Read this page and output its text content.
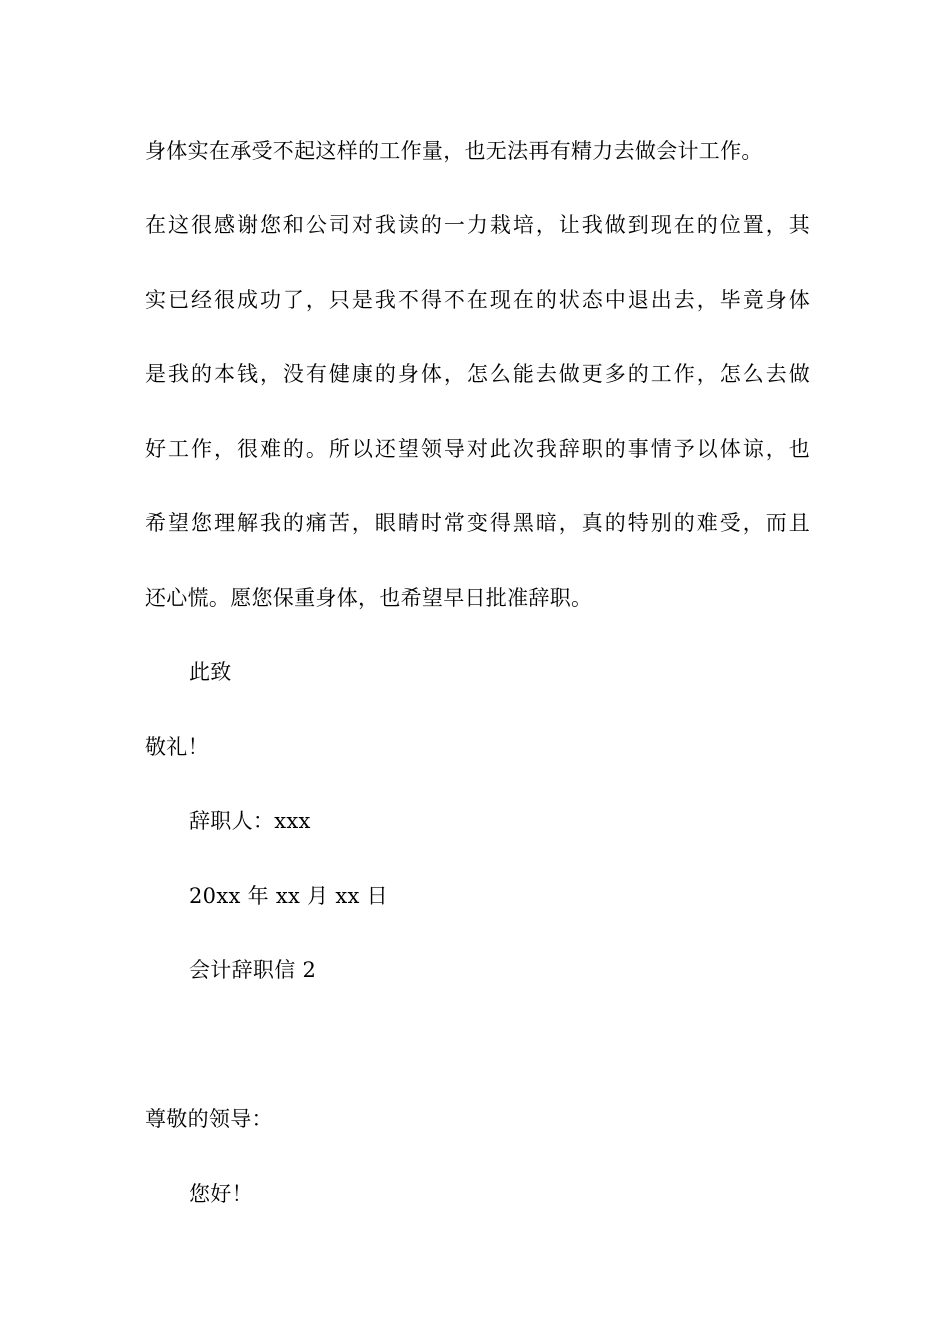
身体实在承受不起这样的工作量，也无法再有精力去做会计工作。
在这很感谢您和公司对我读的一力栽培，让我做到现在的位置，其
实已经很成功了，只是我不得不在现在的状态中退出去，毕竟身体
是我的本钱，没有健康的身体，怎么能去做更多的工作，怎么去做
好工作，很难的。所以还望领导对此次我辞职的事情予以体谅，也
希望您理解我的痛苦，眼睛时常变得黑暗，真的特别的难受，而且
还心慌。愿您保重身体，也希望早日批准辞职。
此致
敬礼！
辞职人：xxx
20xx 年 xx 月 xx 日
会计辞职信 2
尊敬的领导：
您好！
